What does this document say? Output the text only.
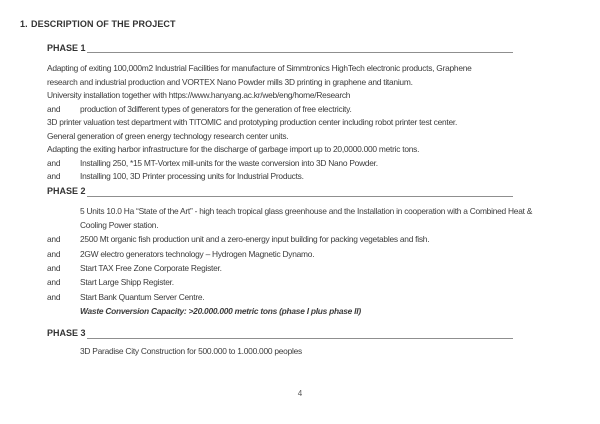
1. DESCRIPTION OF THE PROJECT
PHASE 1
Adapting of exiting 100,000m2 Industrial Facilities for manufacture of Simmtronics HighTech electronic products, Graphene
research and industrial production and VORTEX Nano Powder mills 3D printing in graphene and titanium.
University installation together with https://www.hanyang.ac.kr/web/eng/home/Research
and production of 3different types of generators for the generation of free electricity.
3D printer valuation test department with TITOMIC and prototyping production center including robot printer test center.
General generation of green energy technology research center units.
Adapting the exiting harbor infrastructure for the discharge of garbage import up to 20,0000.000 metric tons.
and Installing 250, *15 MT-Vortex mill-units for the waste conversion into 3D Nano Powder.
and Installing 100, 3D Printer processing units for Industrial Products.
PHASE 2
5 Units 10.0 Ha “State of the Art” - high teach tropical glass greenhouse and the Installation in cooperation with a Combined Heat &
Cooling Power station.
and 2500 Mt organic fish production unit and a zero-energy input building for packing vegetables and fish.
and 2GW electro generators technology – Hydrogen Magnetic Dynamo.
and Start TAX Free Zone Corporate Register.
and Start Large Shipp Register.
and Start Bank Quantum Server Centre.
Waste Conversion Capacity: >20.000.000 metric tons (phase I plus phase II)
PHASE 3
3D Paradise City Construction for 500.000 to 1.000.000 peoples
4
